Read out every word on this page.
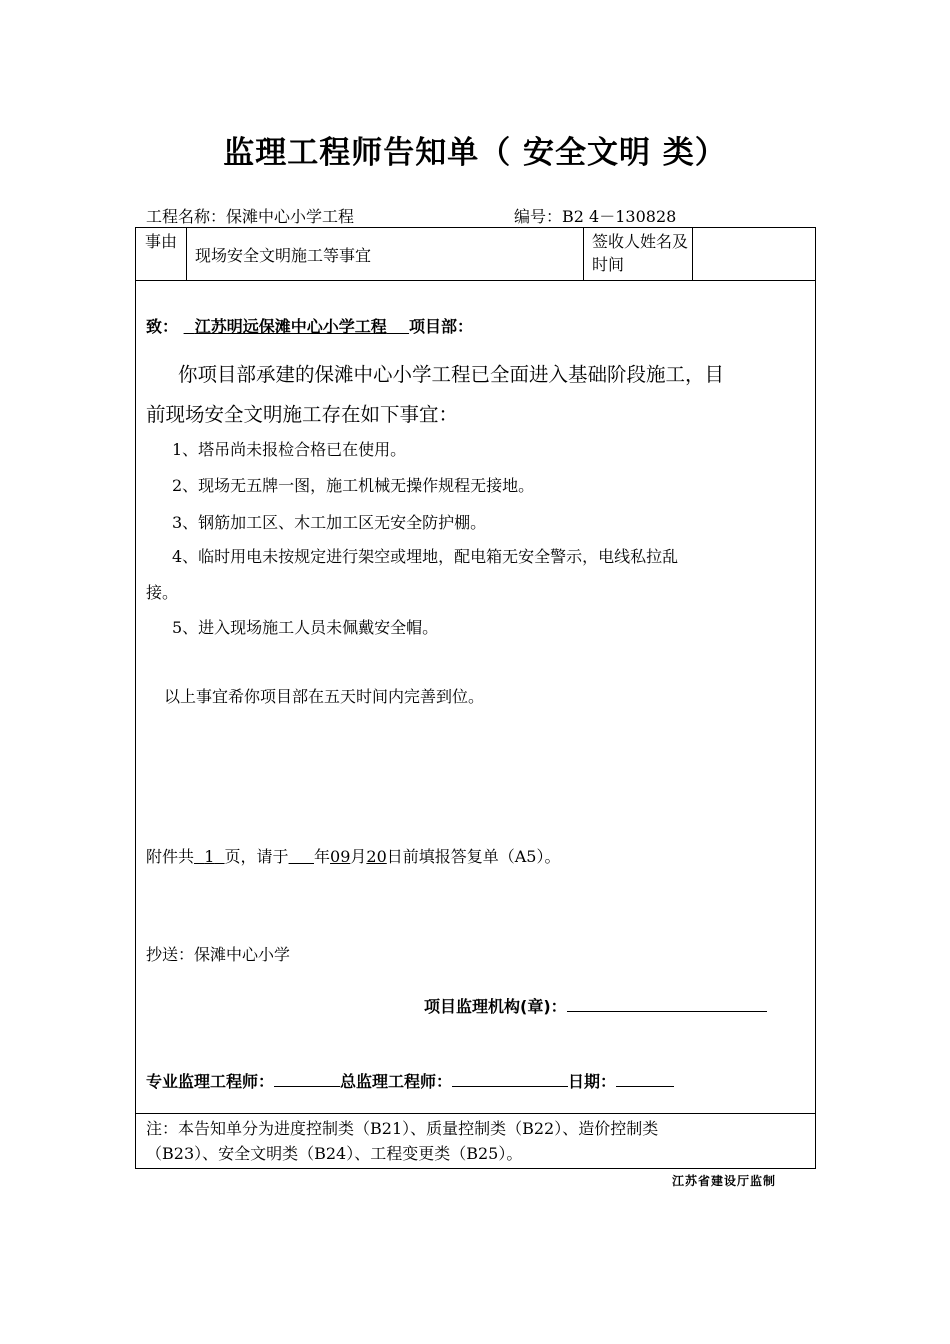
监理工程师告知单（ 安全文明 类）
工程名称：保滩中心小学工程	编号：B2 4－130828
事由	现场安全文明施工等事宜	签收人姓名及时间	

致： 江苏明远保滩中心小学工程 项目部：
你项目部承建的保滩中心小学工程已全面进入基础阶段施工，目
前现场安全文明施工存在如下事宜：
1、塔吊尚未报检合格已在使用。
2、现场无五牌一图，施工机械无操作规程无接地。
3、钢筋加工区、木工加工区无安全防护棚。
4、临时用电未按规定进行架空或埋地，配电箱无安全警示，电线私拉乱
接。
5、进入现场施工人员未佩戴安全帽。
以上事宜希你项目部在五天时间内完善到位。
附件共 1 页，请于 年09月20日前填报答复单（A5）。
抄送：保滩中心小学
项目监理机构(章)：
专业监理工程师：	总监理工程师：	日期：

注：本告知单分为进度控制类（B21）、质量控制类（B22）、造价控制类
（B23）、安全文明类（B24）、工程变更类（B25）。
江苏省建设厅监制
